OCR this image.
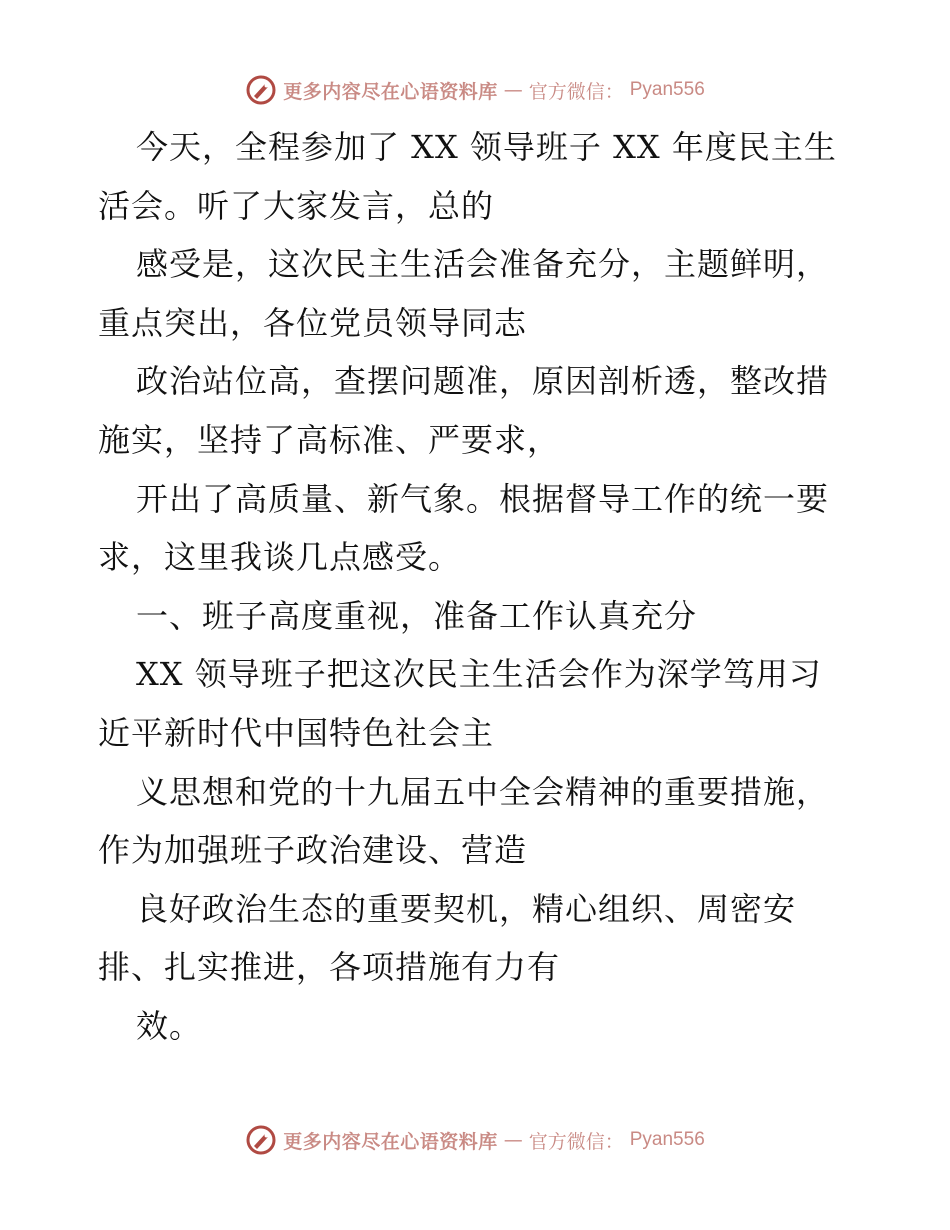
更多内容尽在心语资料库 — 官方微信： Pyan556
今天，全程参加了 XX 领导班子 XX 年度民主生
活会。听了大家发言，总的
感受是，这次民主生活会准备充分，主题鲜明，
重点突出，各位党员领导同志
政治站位高，查摆问题准，原因剖析透，整改措
施实，坚持了高标准、严要求，
开出了高质量、新气象。根据督导工作的统一要
求，这里我谈几点感受。
一、班子高度重视，准备工作认真充分
XX 领导班子把这次民主生活会作为深学笃用习
近平新时代中国特色社会主
义思想和党的十九届五中全会精神的重要措施，
作为加强班子政治建设、营造
良好政治生态的重要契机，精心组织、周密安
排、扎实推进，各项措施有力有
效。
更多内容尽在心语资料库 — 官方微信： Pyan556
